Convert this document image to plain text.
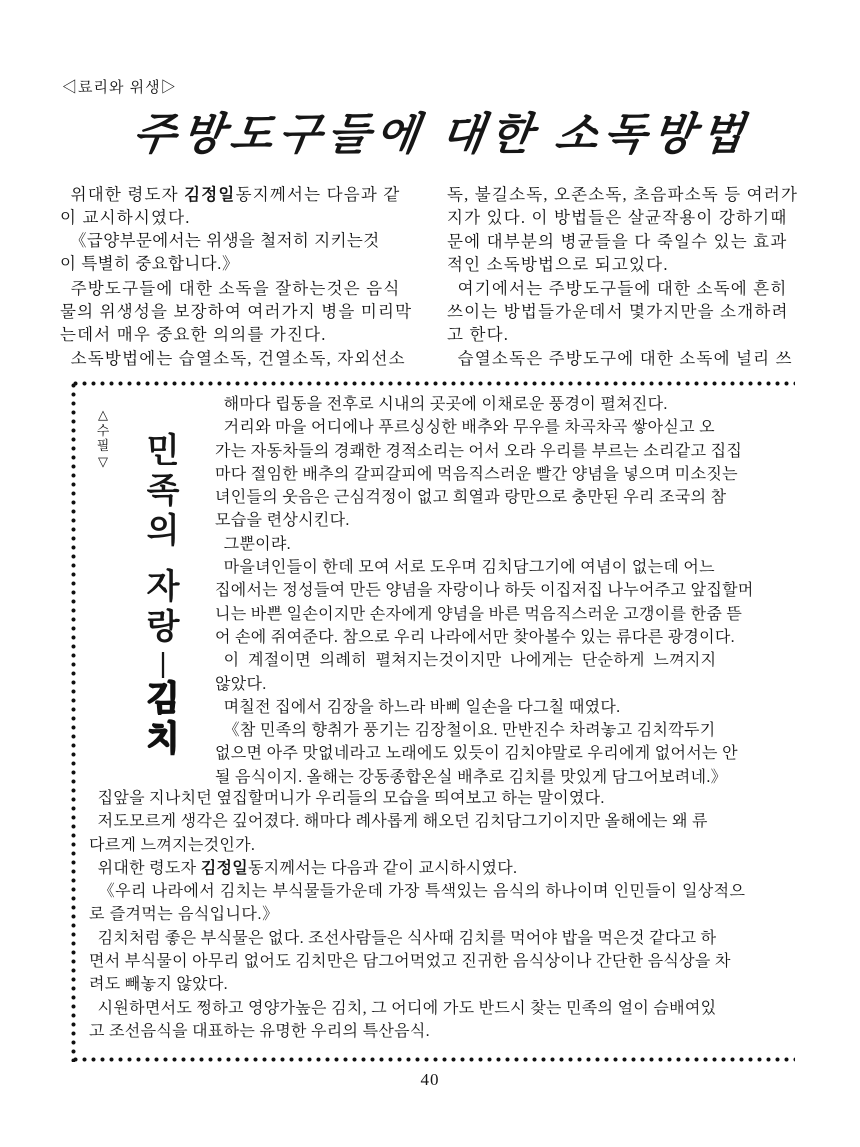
◁료리와 위생▷
주방도구들에 대한 소독방법
위대한 령도자 김정일동지께서는 다음과 같
이 교시하시였다.
《급양부문에서는 위생을 철저히 지키는것
이 특별히 중요합니다.》
주방도구들에 대한 소독을 잘하는것은 음식
물의 위생성을 보장하여 여러가지 병을 미리막
는데서 매우 중요한 의의를 가진다.
소독방법에는 습열소독, 건열소독, 자외선소
독, 불길소독, 오존소독, 초음파소독 등 여러가
지가 있다. 이 방법들은 살균작용이 강하기때
문에 대부분의 병균들을 다 죽일수 있는 효과
적인 소독방법으로 되고있다.
여기에서는 주방도구들에 대한 소독에 흔히
쓰이는 방법들가운데서 몇가지만을 소개하려
고 한다.
습열소독은 주방도구에 대한 소독에 널리 쓰
△
수
필
▽	민
족
의
자
랑
|
김
치
해마다 립동을 전후로 시내의 곳곳에 이채로운 풍경이 펼쳐진다.
거리와 마을 어디에나 푸르싱싱한 배추와 무우를 차곡차곡 쌓아싣고 오
가는 자동차들의 경쾌한 경적소리는 어서 오라 우리를 부르는 소리같고 집집
마다 절임한 배추의 갈피갈피에 먹음직스러운 빨간 양념을 넣으며 미소짓는
녀인들의 웃음은 근심걱정이 없고 희열과 랑만으로 충만된 우리 조국의 참
모습을 련상시킨다.
그뿐이랴.
마을녀인들이 한데 모여 서로 도우며 김치담그기에 여념이 없는데 어느
집에서는 정성들여 만든 양념을 자랑이나 하듯 이집저집 나누어주고 앞집할머
니는 바쁜 일손이지만 손자에게 양념을 바른 먹음직스러운 고갱이를 한줌 뜯
어 손에 쥐여준다. 참으로 우리 나라에서만 찾아볼수 있는 류다른 광경이다.
이  계절이면  의례히  펼쳐지는것이지만  나에게는  단순하게  느껴지지
않았다.
며칠전 집에서 김장을 하느라 바삐 일손을 다그칠 때였다.
《참 민족의 향취가 풍기는 김장철이요. 만반진수 차려놓고 김치깍두기
없으면 아주 맛없네라고 노래에도 있듯이 김치야말로 우리에게 없어서는 안
될 음식이지. 올해는 강동종합온실 배추로 김치를 맛있게 담그어보려네.》
집앞을 지나치던 옆집할머니가 우리들의 모습을 띄여보고 하는 말이였다.
저도모르게 생각은 깊어졌다. 해마다 례사롭게 해오던 김치담그기이지만 올해에는 왜 류
다르게 느껴지는것인가.
위대한 령도자 김정일동지께서는 다음과 같이 교시하시였다.
《우리 나라에서 김치는 부식물들가운데 가장 특색있는 음식의 하나이며 인민들이 일상적으
로 즐겨먹는 음식입니다.》
김치처럼 좋은 부식물은 없다. 조선사람들은 식사때 김치를 먹어야 밥을 먹은것 같다고 하
면서 부식물이 아무리 없어도 김치만은 담그어먹었고 진귀한 음식상이나 간단한 음식상을 차
려도 빼놓지 않았다.
시원하면서도 쩡하고 영양가높은 김치, 그 어디에 가도 반드시 찾는 민족의 얼이 슴배여있
고 조선음식을 대표하는 유명한 우리의 특산음식.
40
